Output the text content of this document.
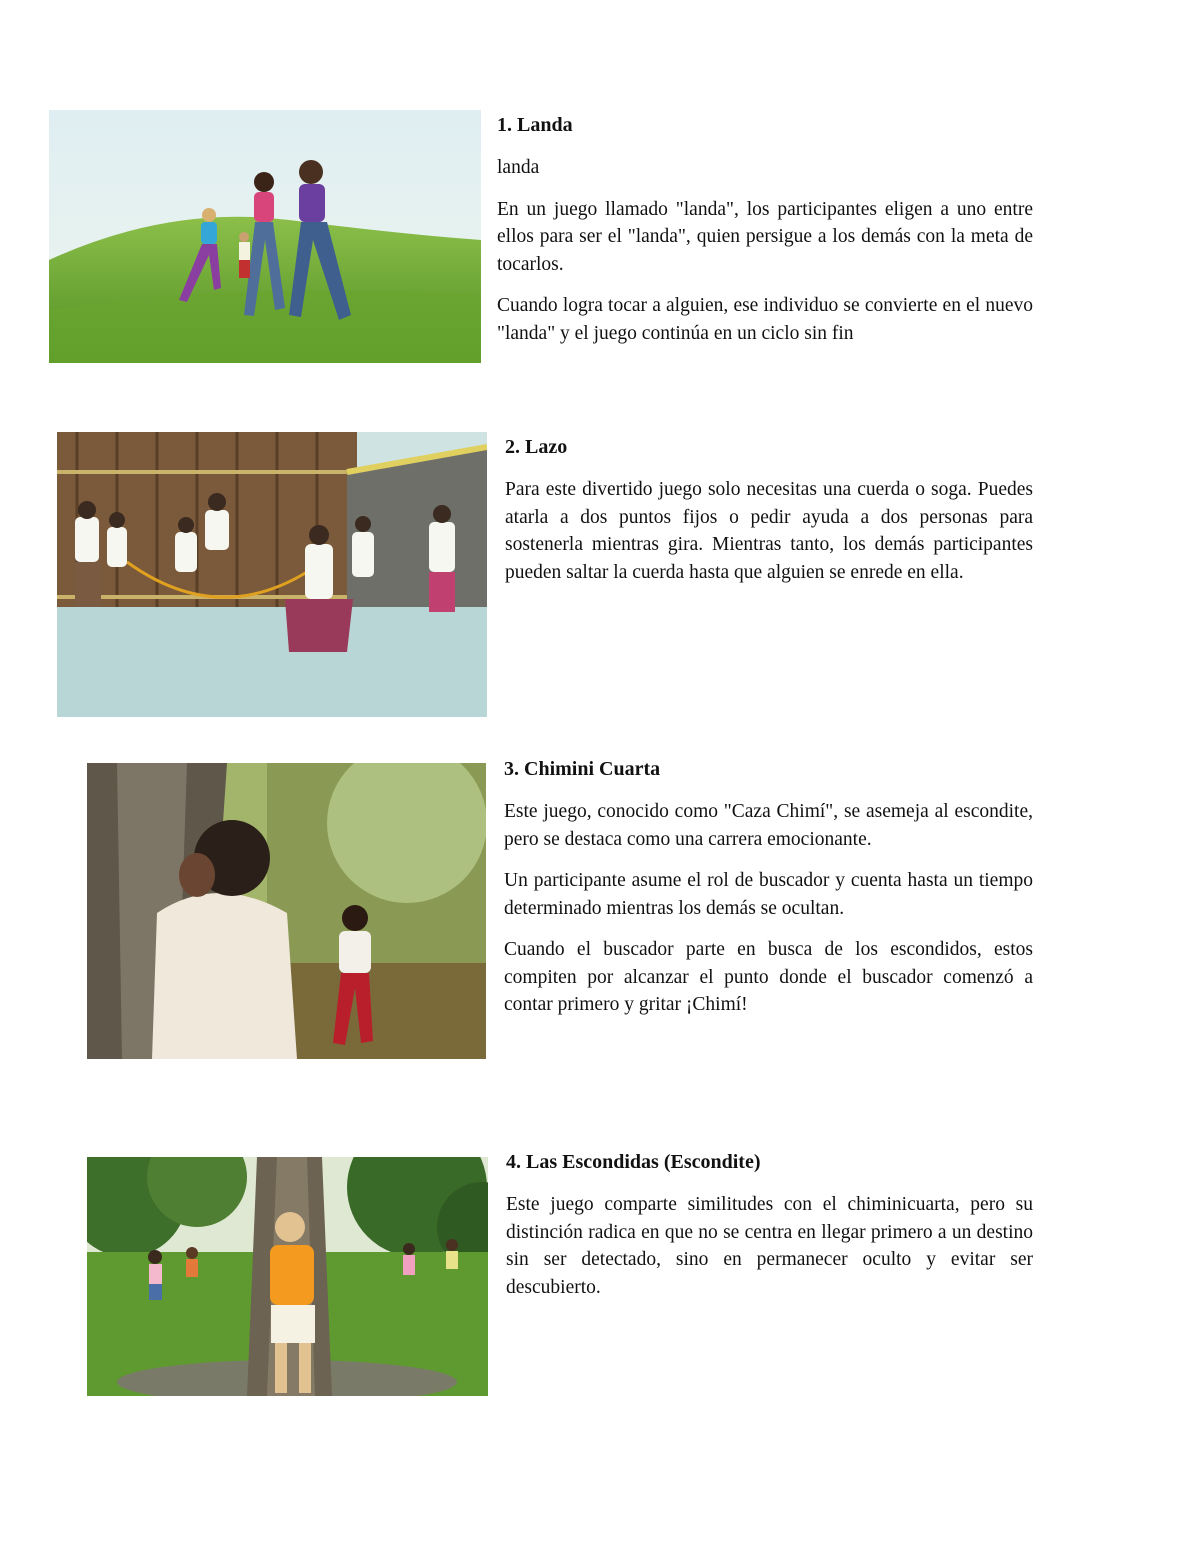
1. Landa

landa

En un juego llamado "landa", los participantes eligen a uno entre ellos para ser el "landa", quien persigue a los demás con la meta de tocarlos.

Cuando logra tocar a alguien, ese individuo se convierte en el nuevo "landa" y el juego continúa en un ciclo sin fin

2. Lazo

Para este divertido juego solo necesitas una cuerda o soga. Puedes atarla a dos puntos fijos o pedir ayuda a dos personas para sostenerla mientras gira. Mientras tanto, los demás participantes pueden saltar la cuerda hasta que alguien se enrede en ella.

3. Chimini Cuarta

Este juego, conocido como "Caza Chimí", se asemeja al escondite, pero se destaca como una carrera emocionante.

Un participante asume el rol de buscador y cuenta hasta un tiempo determinado mientras los demás se ocultan.

Cuando el buscador parte en busca de los escondidos, estos compiten por alcanzar el punto donde el buscador comenzó a contar primero y gritar ¡Chimí!

4. Las Escondidas (Escondite)

Este juego comparte similitudes con el chiminicuarta, pero su distinción radica en que no se centra en llegar primero a un destino sin ser detectado, sino en permanecer oculto y evitar ser descubierto.
